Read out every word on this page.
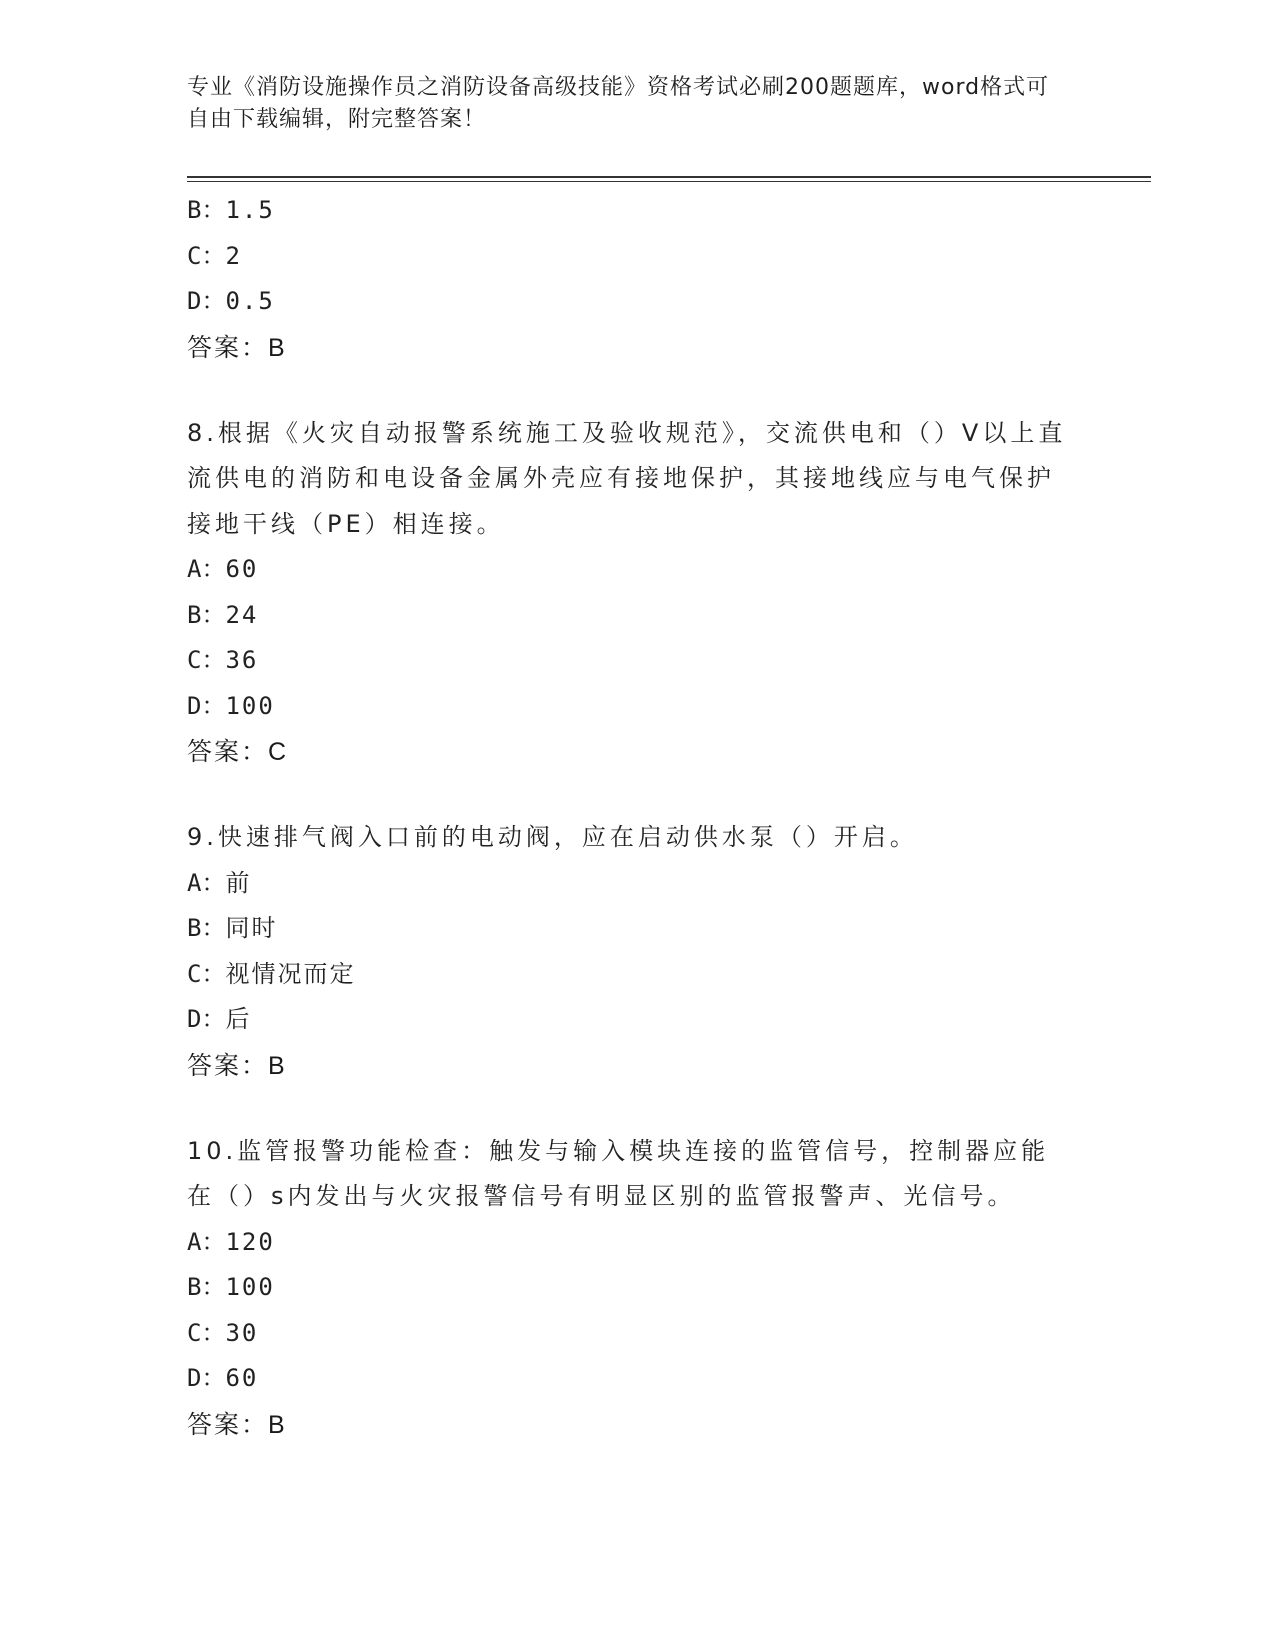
专业《消防设施操作员之消防设备高级技能》资格考试必刷200题题库，word格式可自由下载编辑，附完整答案！
B：1.5
C：2
D：0.5
答案：B
8.根据《火灾自动报警系统施工及验收规范》，交流供电和（）V以上直流供电的消防和电设备金属外壳应有接地保护，其接地线应与电气保护接地干线（PE）相连接。
A：60
B：24
C：36
D：100
答案：C
9.快速排气阀入口前的电动阀，应在启动供水泵（）开启。
A：前
B：同时
C：视情况而定
D：后
答案：B
10.监管报警功能检查：触发与输入模块连接的监管信号，控制器应能在（）s内发出与火灾报警信号有明显区别的监管报警声、光信号。
A：120
B：100
C：30
D：60
答案：B
